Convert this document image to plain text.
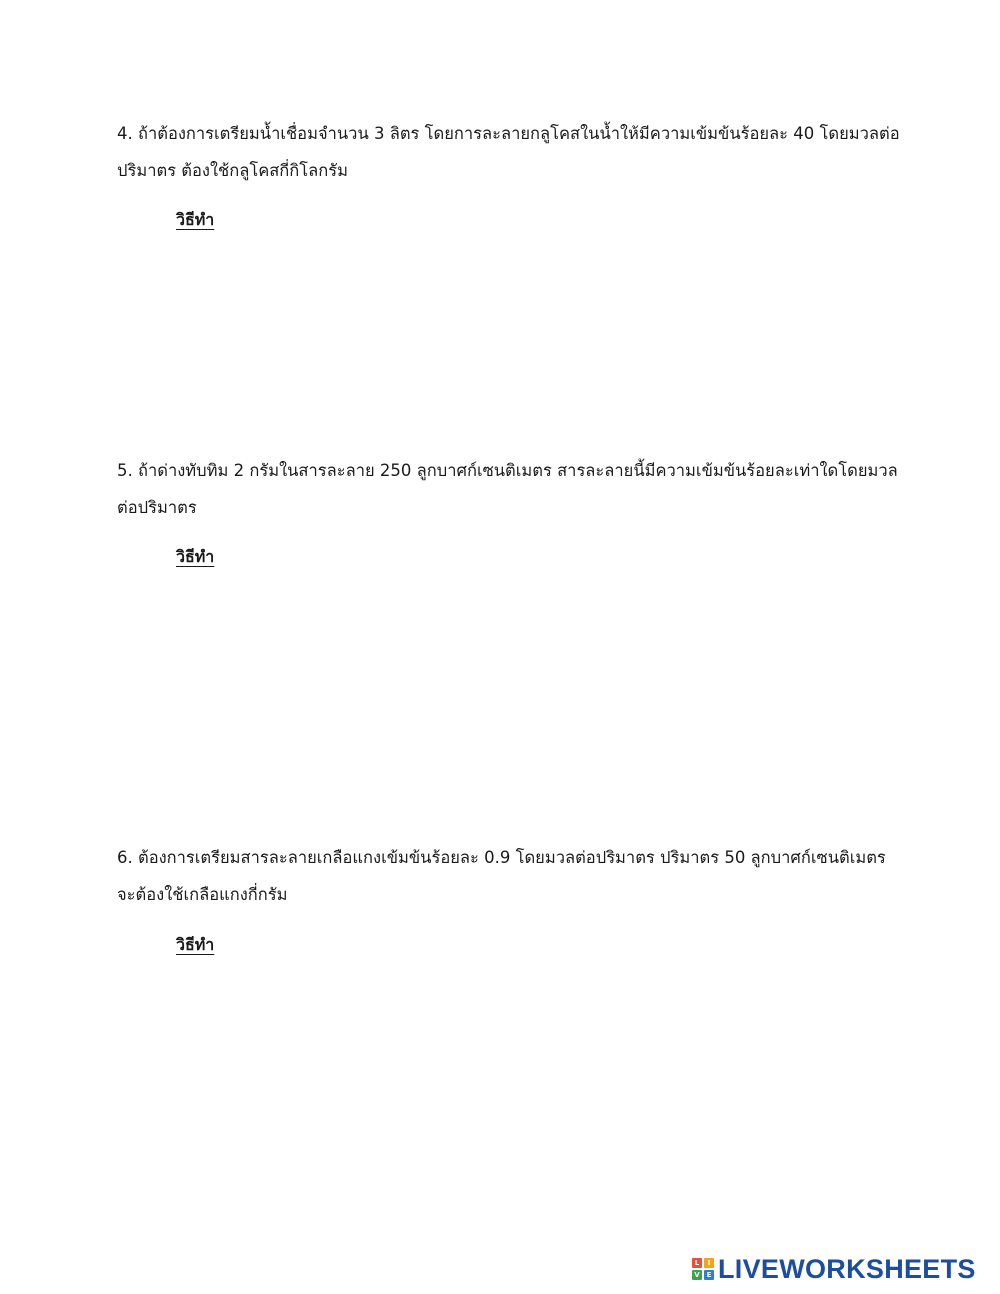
4. ถ้าต้องการเตรียมน้ำเชื่อมจำนวน 3 ลิตร โดยการละลายกลูโคสในน้ำให้มีความเข้มข้นร้อยละ 40 โดยมวลต่อ

ปริมาตร ต้องใช้กลูโคสกี่กิโลกรัม

วิธีทำ

5. ถ้าด่างทับทิม 2 กรัมในสารละลาย 250 ลูกบาศก์เซนติเมตร สารละลายนี้มีความเข้มข้นร้อยละเท่าใดโดยมวล

ต่อปริมาตร

วิธีทำ

6. ต้องการเตรียมสารละลายเกลือแกงเข้มข้นร้อยละ 0.9 โดยมวลต่อปริมาตร ปริมาตร 50 ลูกบาศก์เซนติเมตร

จะต้องใช้เกลือแกงกี่กรัม

วิธีทำ
L	I
V E LIVEWORKSHEETS
